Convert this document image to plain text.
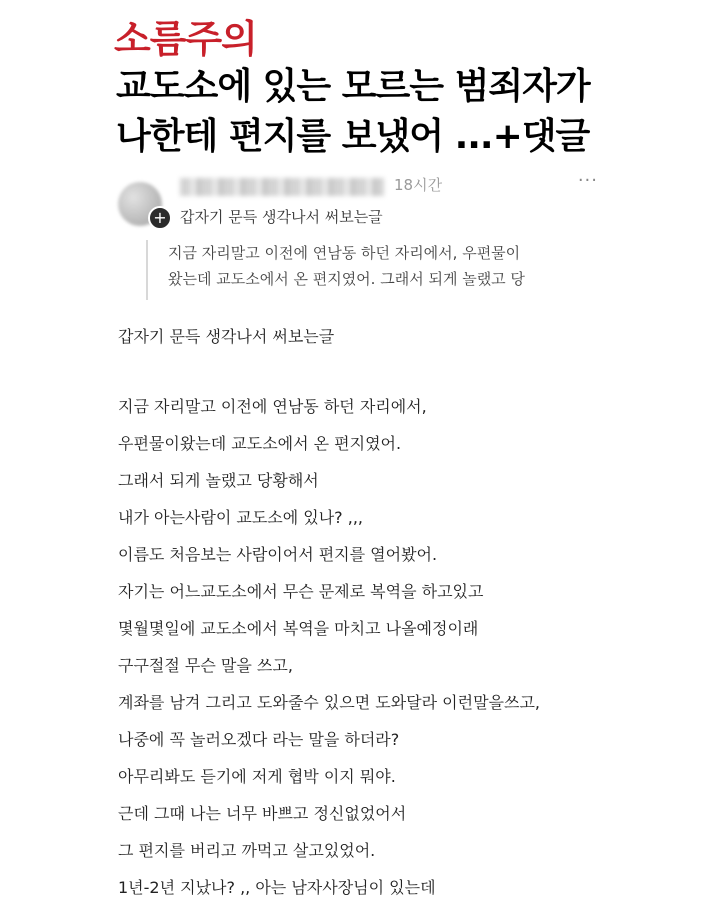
소름주의
교도소에 있는 모르는 범죄자가
나한테 편지를 보냈어 ...+댓글
+
18시간	···
갑자기 문득 생각나서 써보는글
지금 자리말고 이전에 연남동 하던 자리에서, 우편물이
왔는데 교도소에서 온 편지였어. 그래서 되게 놀랬고 당
갑자기 문득 생각나서 써보는글
지금 자리말고 이전에 연남동 하던 자리에서,
우편물이왔는데 교도소에서 온 편지였어.
그래서 되게 놀랬고 당황해서
내가 아는사람이 교도소에 있나? ,,,
이름도 처음보는 사람이어서 편지를 열어봤어.
자기는 어느교도소에서 무슨 문제로 복역을 하고있고
몇월몇일에 교도소에서 복역을 마치고 나올예정이래
구구절절 무슨 말을 쓰고,
계좌를 남겨 그리고 도와줄수 있으면 도와달라 이런말을쓰고,
나중에 꼭 놀러오겠다 라는 말을 하더라?
아무리봐도 듣기에 저게 협박 이지 뭐야.
근데 그때 나는 너무 바쁘고 정신없었어서
그 편지를 버리고 까먹고 살고있었어.
1년-2년 지났나? ,, 아는 남자사장님이 있는데
